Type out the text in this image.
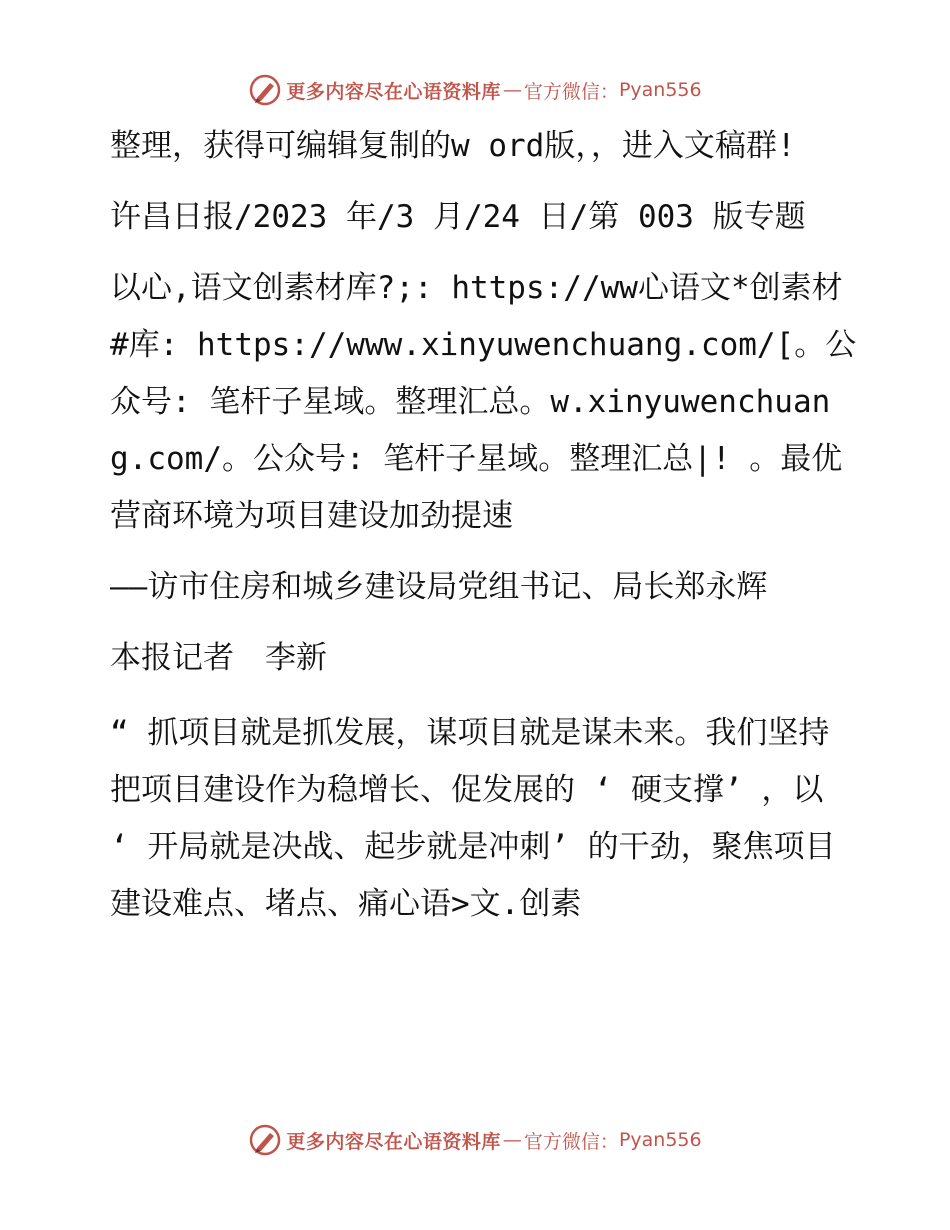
更多内容尽在心语资料库 — 官方微信： Pyan556

整理，获得可编辑复制的w ord版，，进入文稿群!

许昌日报/2023 年/3 月/24 日/第 003 版专题

以心,语文创素材库?;: https://ww心语文*创素材#库: https://www.xinyuwenchuang.com/[。公众号: 笔杆子星域。整理汇总。w.xinyuwenchuang.com/。公众号: 笔杆子星域。整理汇总|! 。最优营商环境为项目建设加劲提速

——访市住房和城乡建设局党组书记、局长郑永辉

本报记者　李新

“ 抓项目就是抓发展，谋项目就是谋未来。我们坚持把项目建设作为稳增长、促发展的 ‘ 硬支撑’ ，以 ‘ 开局就是决战、起步就是冲刺’ 的干劲，聚焦项目建设难点、堵点、痛心语>文.创素

更多内容尽在心语资料库 — 官方微信： Pyan556
